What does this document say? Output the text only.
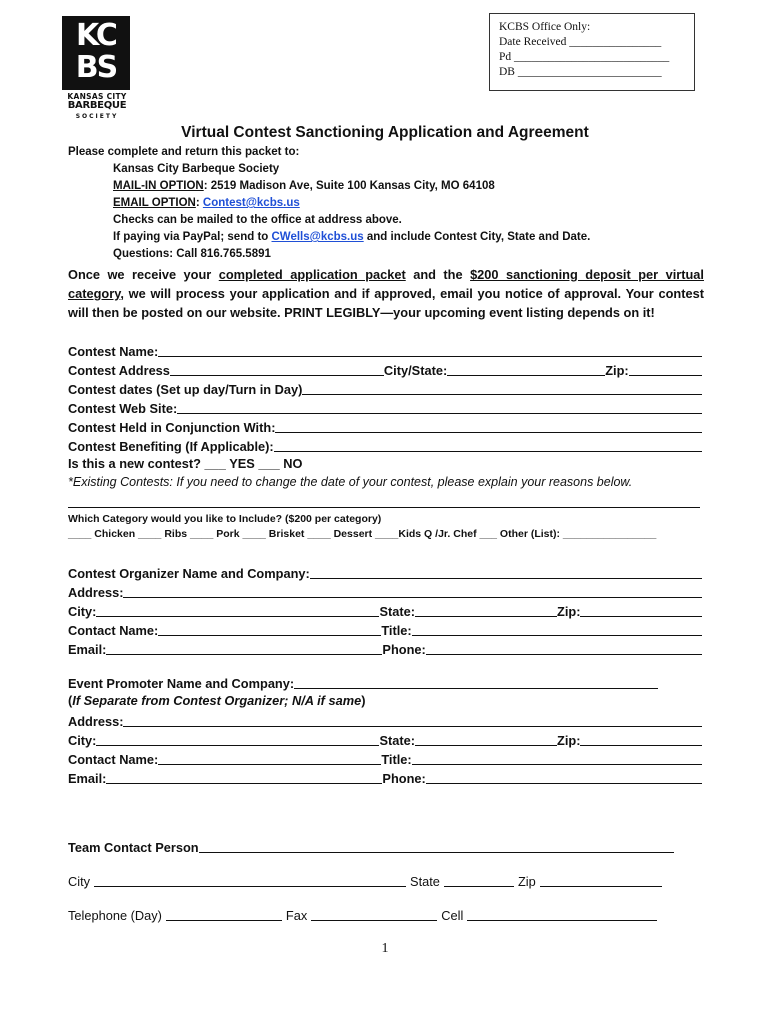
KC
BS
KANSAS CITY
BARBEQUE
SOCIETY
KCBS Office Only:
Date Received ________________
Pd ___________________________
DB _________________________
Virtual Contest Sanctioning Application and Agreement
Please complete and return this packet to:
Kansas City Barbeque Society
MAIL-IN OPTION: 2519 Madison Ave, Suite 100 Kansas City, MO 64108
EMAIL OPTION: Contest@kcbs.us
Checks can be mailed to the office at address above.
If paying via PayPal; send to CWells@kcbs.us and include Contest City, State and Date.
Questions: Call 816.765.5891
Once we receive your completed application packet and the $200 sanctioning deposit per virtual category, we will process your application and if approved, email you notice of approval. Your contest will then be posted on our website. PRINT LEGIBLY—your upcoming event listing depends on it!
Contest Name:
Contest Address	City/State:	Zip:
Contest dates (Set up day/Turn in Day)
Contest Web Site:
Contest Held in Conjunction With:
Contest Benefiting (If Applicable):
Is this a new contest? ___ YES ___ NO
*Existing Contests: If you need to change the date of your contest, please explain your reasons below.
Which Category would you like to Include? ($200 per category)
____ Chicken ____ Ribs ____ Pork ____ Brisket ____ Dessert ____Kids Q /Jr. Chef ___ Other (List): ________________
Contest Organizer Name and Company:
Address:
City:	State:	Zip:
Contact Name:	Title:
Email:	Phone:
Event Promoter Name and Company:
(If Separate from Contest Organizer; N/A if same)
Address:
City:	State:	Zip:
Contact Name:	Title:
Email:	Phone:
Team Contact Person
City	State	Zip
Telephone (Day)	Fax	Cell
1
